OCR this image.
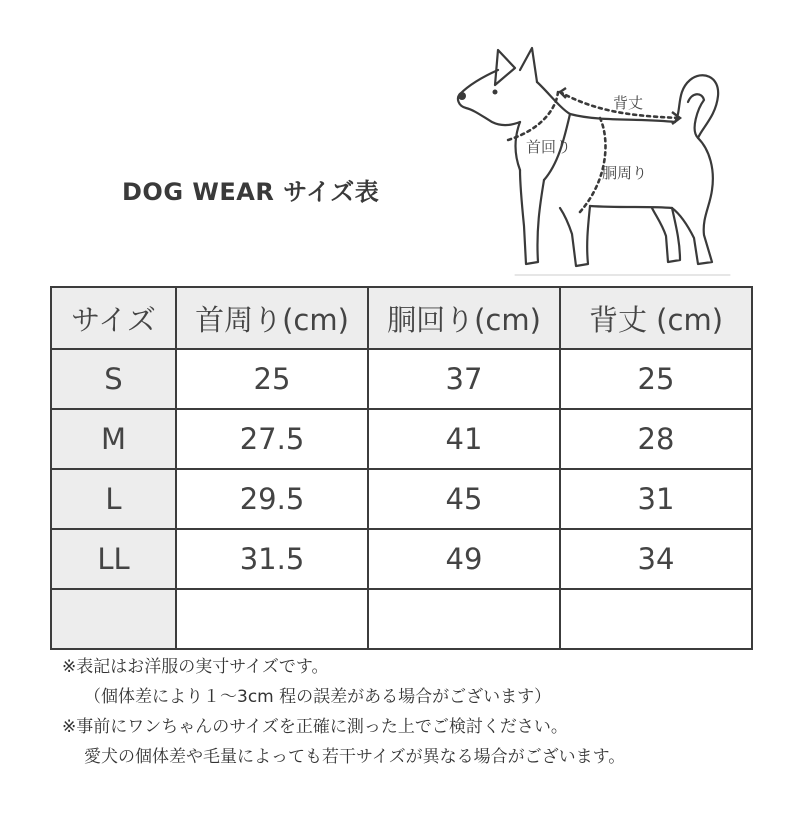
DOG WEAR サイズ表
背丈
首回り
胴周り
サイズ	首周り(cm)	胴回り(cm)	背丈 (cm)
S	25	37	25
M	27.5	41	28
L	29.5	45	31
LL	31.5	49	34

※表記はお洋服の実寸サイズです。
（個体差により１～3cm 程の誤差がある場合がございます）
※事前にワンちゃんのサイズを正確に測った上でご検討ください。
愛犬の個体差や毛量によっても若干サイズが異なる場合がございます。
